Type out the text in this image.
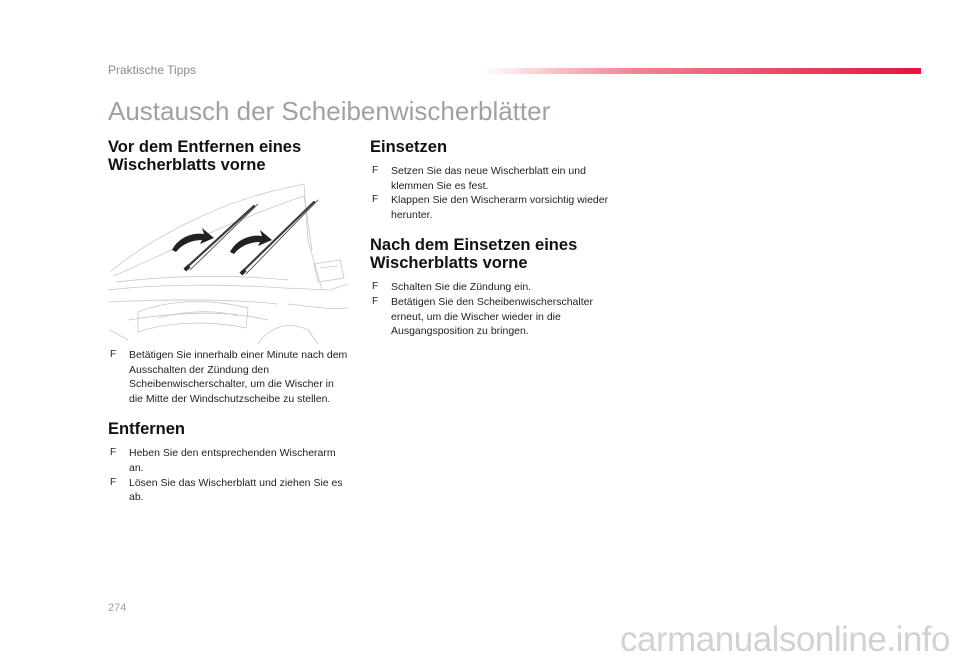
Praktische Tipps
Austausch der Scheibenwischerblätter
Vor dem Entfernen eines Wischerblatts vorne
F	Betätigen Sie innerhalb einer Minute nach dem Ausschalten der Zündung den Scheibenwischerschalter, um die Wischer in die Mitte der Windschutzscheibe zu stellen.
Entfernen
F	Heben Sie den entsprechenden Wischerarm an.
F	Lösen Sie das Wischerblatt und ziehen Sie es ab.
Einsetzen
F	Setzen Sie das neue Wischerblatt ein und klemmen Sie es fest.
F	Klappen Sie den Wischerarm vorsichtig wieder herunter.
Nach dem Einsetzen eines Wischerblatts vorne
F	Schalten Sie die Zündung ein.
F	Betätigen Sie den Scheibenwischerschalter erneut, um die Wischer wieder in die Ausgangsposition zu bringen.
274
carmanualsonline.info
